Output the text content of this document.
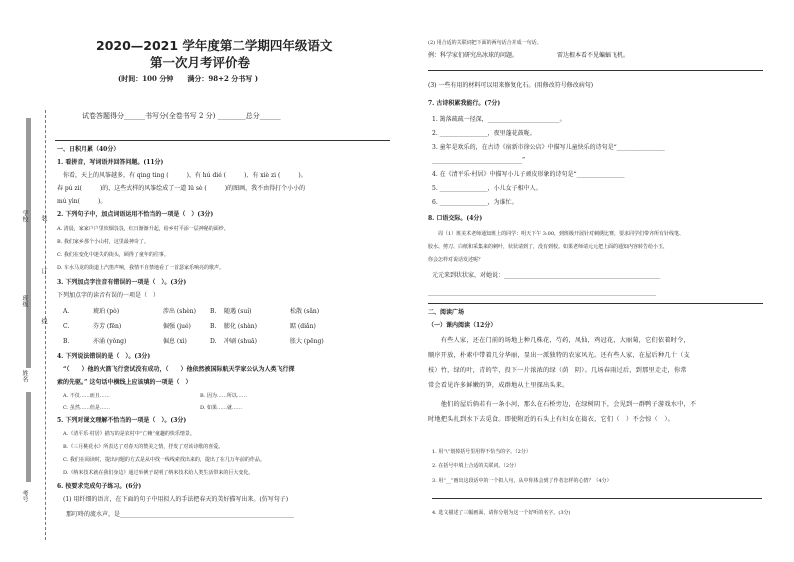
学校
班级
姓名
考号
装
订
线
2020—2021 学年度第二学期四年级语文
第一次月考评价卷
(时间：100 分钟　　满分：98+2 分书写 )
试卷答题得分______书写分(全卷书写 2 分) ________总分______
一、日积月累（40分）
1. 看拼音，写词语并回答问题。(11分)
你看，天上的风筝越多，有 qing ting (　　　)、有 hú dié (　　　)、有 xiè zi (　　　)。
春 pú zi(　　　)的，这些式样的风筝绘成了一道 lü sè (　　　)的图画，我不由得打个小小的
mú yìn(　　　)。
2. 下列句子中，加点词语运用不恰当的一项是（　）(3分)
A. 清晨，家家户户里炊烟袅袅，红日渐渐升起，给乡村平添一层神秘的面纱。
B. 我们家乡那个小山村，这里最神奇了。
C. 我们在变化中迷失的街头，顾得了童年的往事。
D. 车水马龙的街道上汽笛声响，我情不自禁地看了一首瑟家乐响亮的歌声。
3. 下列加点字注音有错误的一项是（　）。(3分)
下列加点字的读音有误的一项是（　）
A.	琥珀 (pò)	涉出 (shèn) B. 随遇 (suí)	松散 (sǎn)
C.	芬芳 (fēn)	倔强 (jué)	B. 膨化 (shàn)	踮 (diǎn)
B.	亦涌 (yǒng)	倔息 (xì)	D. 冲刷 (shuā)	胀大 (pēng)
4. 下列说法错误的是（　）。(3分)
“（　　）他的火箭飞行尝试没有成功，（　　）他依然被国际航天学家公认为人类飞行探
索的先驱。” 这句话中横线上应该填的一项是（　）
A. 不仅……而且……	B. 因为……所以……
C. 虽然……但是……	D. 如果……就……
5. 下列对课文理解不恰当的一项是（　）。(3分)
A.《清平乐·村居》描写的是农村中“亡赖”童趣的快乐情景。
B.《三月桃花水》所表达了对春天的赞美之情，抒发了对该诗歌的喜爱。
C. 我们在阅读时，提出问题的方式是从中找一线线索找出来的，提出了在几万年前的作品。
D.《纳米技术就在我们身边》通过举例子说明了纳米技术给人类生活带来的巨大变化。
6. 按要求完成句子练习。(6分)
(1) 用纤细的语言，在下面的句子中用拟人的手法把春天的美好描写出来。(仿写句子)
那叮咚的流水声，是__________________________________________________________
(2) 用合适的关联词把下面的两句话合并成一句话。
例：科学家们研究出冰球的问题。　　　　　　　雷达根本看不见蝙蝠飞机。
(3) 一些有用的材料可以用来修复化石。(用修改符号修改病句)
7. 古诗积累我能行。(7分)
1. 篱落疏疏一径深，________________________。
2. ________________，夜里蓬花鼓咙。
3. 童年是欢乐的，在古诗《宿新市徐公店》中描写儿童快乐的诗句是“________________
______________________________”
4. 在《清平乐·村居》中描写小儿子顽皮形象的诗句是“________________
5. ________________，小儿女子相中人。
6. ________________，为谁忙。
8. 口语交际。(4分)
　　周（1）班美术老师通知班上的同学：明天下午 3:00，到班级开展针对刺绣比赛，要求同学们带齐所有针线笔、
胶水、剪刀、白纸和采集来的刺叶，状状请到了，没有到校。如果老师请元元把上面的通知内容转告给小玉，
你会怎样对说话发述呢？
元元来到状状家，对她说：____________________________________________________
____________________________________________________________________________
二、阅读广场
（一）课内阅读（12分）
　　有些人家，还在门前的场地上种几株花，芍药，凤仙，鸡冠花，大丽菊，它们依着时令，
顺序开放，朴素中带着几分华丽，显出一派独特的农家风光。还有些人家，在屋后种几十（支
枝）竹，绿的叶，青的竿，投下一片浓浓的绿（荫　阴）。几场春雨过后，到那里走走，你常
常会看见许多鲜嫩的笋，成群地从土里探出头来。
　　他们的屋后倘若有一条小河，那么在石桥旁边，在绿树阴下，会见到一群鸭子游戏水中，不
时地把头扎到水下去觅食。即使附近的石头上有妇女在捣衣，它们（　）不会惊（　）。
1. 用“\”划掉括号里用得不恰当的字。（2分）
2. 在括号中填上合适的关联词。（2分）
3. 用“__”画出这段话中的一个拟人句，从中你体会到了作者怎样的心情？（4分）
4. 选文描述了三幅画面，请你分别为这一个好听的名字。(3分)
